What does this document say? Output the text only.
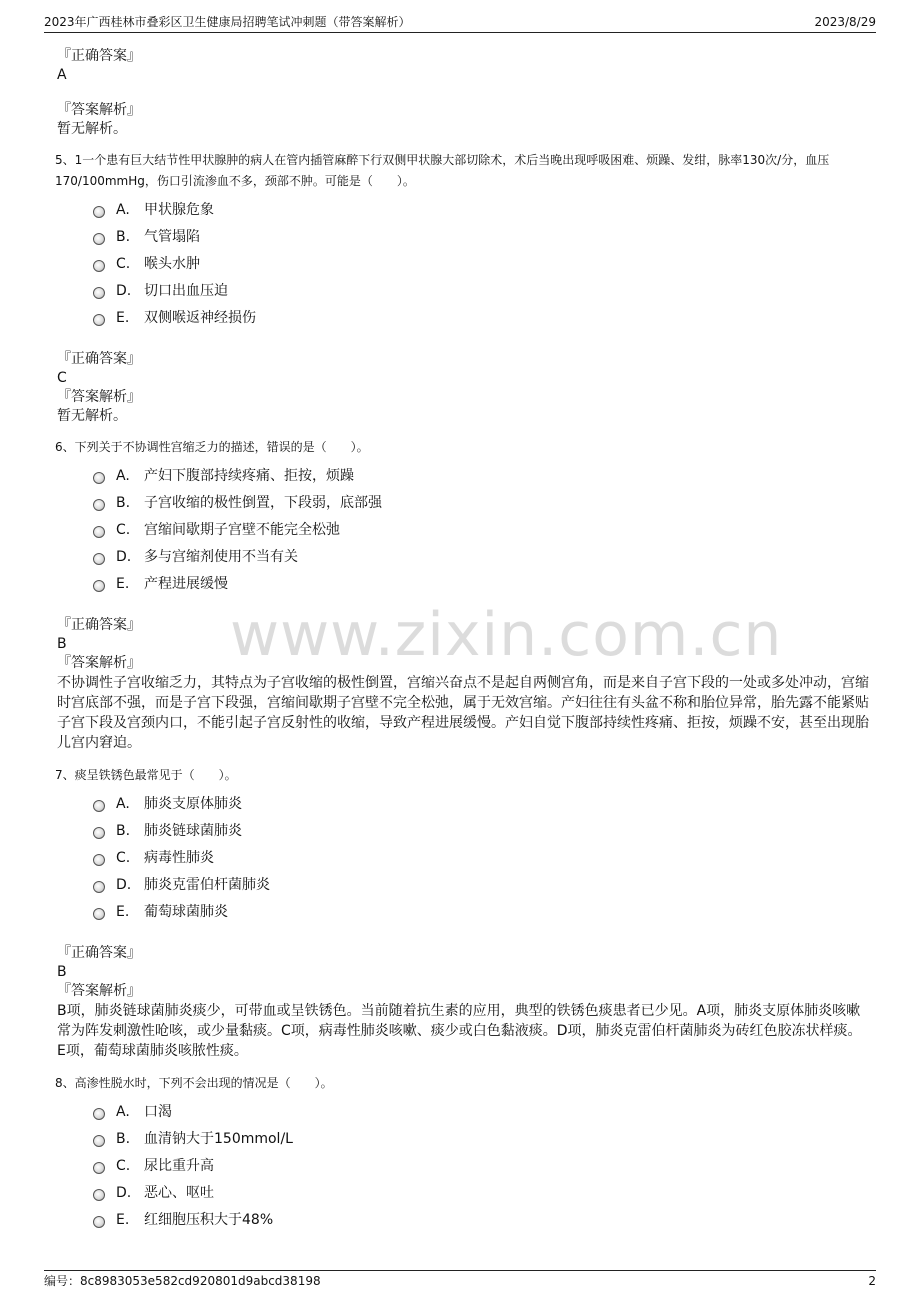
2023年广西桂林市叠彩区卫生健康局招聘笔试冲刺题（带答案解析）	2023/8/29
www.zixin.com.cn
『正确答案』
A
『答案解析』
暂无解析。
5、1一个患有巨大结节性甲状腺肿的病人在管内插管麻醉下行双侧甲状腺大部切除术，术后当晚出现呼吸困难、烦躁、发绀，脉率130次/分，血压170/100mmHg，伤口引流渗血不多，颈部不肿。可能是（　　）。
A.	甲状腺危象
B. 气管塌陷
C. 喉头水肿
D. 切口出血压迫
E.	双侧喉返神经损伤
『正确答案』
C
『答案解析』
暂无解析。
6、下列关于不协调性宫缩乏力的描述，错误的是（　　）。
A.	产妇下腹部持续疼痛、拒按，烦躁
B. 子宫收缩的极性倒置，下段弱，底部强
C. 宫缩间歇期子宫壁不能完全松弛
D. 多与宫缩剂使用不当有关
E.	产程进展缓慢
『正确答案』
B
『答案解析』
不协调性子宫收缩乏力，其特点为子宫收缩的极性倒置，宫缩兴奋点不是起自两侧宫角，而是来自子宫下段的一处或多处冲动，宫缩时宫底部不强，而是子宫下段强，宫缩间歇期子宫壁不完全松弛，属于无效宫缩。产妇往往有头盆不称和胎位异常，胎先露不能紧贴子宫下段及宫颈内口，不能引起子宫反射性的收缩，导致产程进展缓慢。产妇自觉下腹部持续性疼痛、拒按，烦躁不安，甚至出现胎儿宫内窘迫。
7、痰呈铁锈色最常见于（　　）。
A.	肺炎支原体肺炎
B. 肺炎链球菌肺炎
C. 病毒性肺炎
D. 肺炎克雷伯杆菌肺炎
E.	葡萄球菌肺炎
『正确答案』
B
『答案解析』
B项，肺炎链球菌肺炎痰少，可带血或呈铁锈色。当前随着抗生素的应用，典型的铁锈色痰患者已少见。A项，肺炎支原体肺炎咳嗽常为阵发刺激性呛咳，或少量黏痰。C项，病毒性肺炎咳嗽、痰少或白色黏液痰。D项，肺炎克雷伯杆菌肺炎为砖红色胶冻状样痰。E项，葡萄球菌肺炎咳脓性痰。
8、高渗性脱水时，下列不会出现的情况是（　　）。
A.	口渴
B. 血清钠大于150mmol/L
C. 尿比重升高
D. 恶心、呕吐
E.	红细胞压积大于48%
编号：8c8983053e582cd920801d9abcd38198	2
